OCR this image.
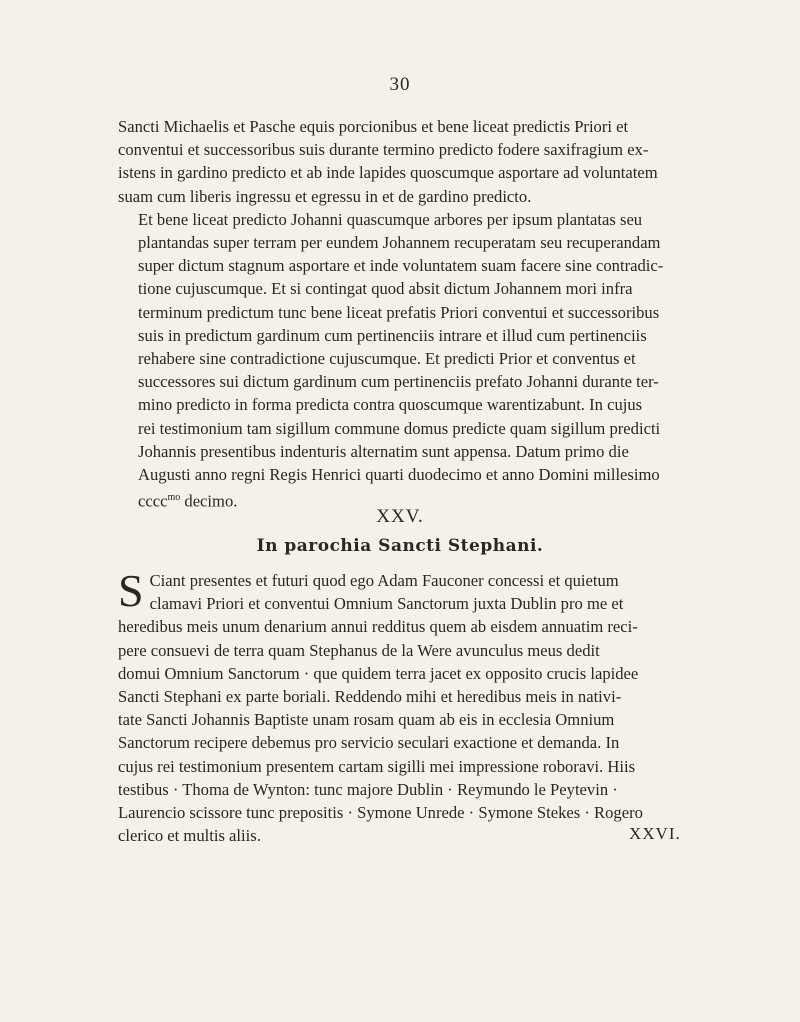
30

Sancti Michaelis et Pasche equis porcionibus et bene liceat predictis Priori et
conventui et successoribus suis durante termino predicto fodere saxifragium ex-
istens in gardino predicto et ab inde lapides quoscumque asportare ad voluntatem
suam cum liberis ingressu et egressu in et de gardino predicto.

Et bene liceat predicto Johanni quascumque arbores per ipsum plantatas seu
plantandas super terram per eundem Johannem recuperatam seu recuperandam
super dictum stagnum asportare et inde voluntatem suam facere sine contradic-
tione cujuscumque. Et si contingat quod absit dictum Johannem mori infra
terminum predictum tunc bene liceat prefatis Priori conventui et successoribus
suis in predictum gardinum cum pertinenciis intrare et illud cum pertinenciis
rehabere sine contradictione cujuscumque. Et predicti Prior et conventus et
successores sui dictum gardinum cum pertinenciis prefato Johanni durante ter-
mino predicto in forma predicta contra quoscumque warentizabunt. In cujus
rei testimonium tam sigillum commune domus predicte quam sigillum predicti
Johannis presentibus indenturis alternatim sunt appensa. Datum primo die
Augusti anno regni Regis Henrici quarti duodecimo et anno Domini millesimo
cccc$^{mo}$ decimo.

XXV.
In parochia Sancti Stephani.

S Ciant presentes et futuri quod ego Adam Fauconer concessi et quietum
clamavi Priori et conventui Omnium Sanctorum juxta Dublin pro me et
heredibus meis unum denarium annui redditus quem ab eisdem annuatim reci-
pere consuevi de terra quam Stephanus de la Were avunculus meus dedit
domui Omnium Sanctorum · que quidem terra jacet ex opposito crucis lapidee
Sancti Stephani ex parte boriali. Reddendo mihi et heredibus meis in nativi-
tate Sancti Johannis Baptiste unam rosam quam ab eis in ecclesia Omnium
Sanctorum recipere debemus pro servicio seculari exactione et demanda. In
cujus rei testimonium presentem cartam sigilli mei impressione roboravi. Hiis
testibus · Thoma de Wynton: tunc majore Dublin · Reymundo le Peytevin ·
Laurencio scissore tunc prepositis · Symone Unrede · Symone Stekes · Rogero
clerico et multis aliis.	XXVI.
